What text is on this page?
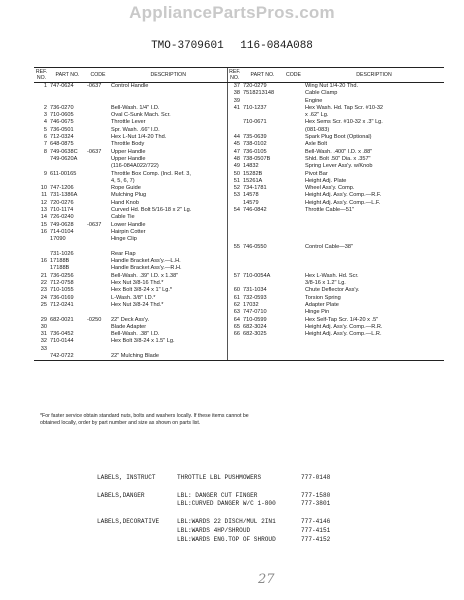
AppliancePartsPros.com
TMO-3709601 116-084A088
REF. NO.	PART NO.	CODE	DESCRIPTION	REF. NO.	PART NO.	CODE	DESCRIPTION
1	747-0624	-0637	Control Handle	37	720-0279		Wing Nut 1/4-20 Thd.
				38	7518213148		Cable Clamp

				39			Engine
2	736-0270		Bell-Wash. 1/4" I.D.	41	710-1237		Hex Wash. Hd. Tap Scr. #10-32
3	710-0605		Oval C-Sunk Mach. Scr.				x .62" Lg.
4	746-0675		Throttle Lever		710-0671		Hex Sems Scr. #10-32 x .3" Lg.
5	736-0501		Spr. Wash. .66" I.D.				(081-083)
6	712-0324		Hex L-Nut 1/4-20 Thd.	44	735-0639		Spark Plug Boot (Optional)
7	648-0875		Throttle Body	45	738-0102		Axle Bolt
8	749-0638C	-0637	Upper Handle	47	736-0105		Bell-Wash. .400" I.D. x .88"
	749-0620A		Upper Handle	48	738-0507B		Shld. Bolt .50" Dia. x .357"
			(116-084A022/722)	49	14832		Spring Lever Ass'y. w/Knob
9	611-00165		Throttle Box Comp. (Incl. Ref. 3,	50	15282B		Pivot Bar
			4, 5, 6, 7)	51	15261A		Height Adj. Plate
10	747-1206		Rope Guide	52	734-1781		Wheel Ass'y. Comp.
11	731-1386A		Mulching Plug	53	14578		Height Adj. Ass'y. Comp.—R.F.
12	720-0276		Hand Knob		14579		Height Adj. Ass'y. Comp.—L.F.
13	710-1174		Curved Hd. Bolt 5/16-18 x 2" Lg.	54	746-0842		Throttle Cable—51"
14	726-0240		Cable Tie				
15	749-0628	-0637	Lower Handle				
16	714-0104		Hairpin Cotter				
	17090		Hinge Clip				
				55	746-0550		Control Cable—38"
	731-1026		Rear Flap				
16	17188B		Handle Bracket Ass'y.—L.H.				
	17188B		Handle Bracket Ass'y.—R.H.				
21	736-0256		Bell-Wash. .39" I.D. x 1.38"	57	710-0054A		Hex L-Wash. Hd. Scr.
22	712-0758		Hex Nut 3/8-16 Thd.*				3/8-16 x 1.2" Lg.
23	710-1055		Hex Bolt 3/8-24 x 1" Lg.*	60	731-1034		Chute Deflector Ass'y.
24	736-0169		L-Wash. 3/8" I.D.*	61	732-0593		Torsion Spring
25	712-0241		Hex Nut 3/8-24 Thd.*	62	17032		Adapter Plate
				63	747-0710		Hinge Pin
29	682-0021	-0250	22" Deck Ass'y.	64	710-0599		Hex Self-Tap Scr. 1/4-20 x .5"
30			Blade Adapter	65	682-3024		Height Adj. Ass'y. Comp.—R.R.
31	736-0452		Bell-Wash. .38" I.D.	66	682-3025		Height Adj. Ass'y. Comp.—L.R.
32	710-0144		Hex Bolt 3/8-24 x 1.5" Lg.				
33							

	742-0722		22" Mulching Blade				
*For faster service obtain standard nuts, bolts and washers locally. If these items cannot be obtained locally, order by part number and size as shown on parts list.
LABELS, INSTRUCT	THROTTLE LBL PUSHMOWERS	777-0148
LABELS,DANGER	LBL: DANGER CUT FINGER	777-1580
LBL:CURVED DANGER W/C 1-800	777-3801
LABELS,DECORATIVE	LBL:WARDS 22 DISCH/MUL 2IN1	777-4146
LBL:WARDS 4HP/SHROUD	777-4151
LBL:WARDS ENG.TOP OF SHROUD	777-4152
27
